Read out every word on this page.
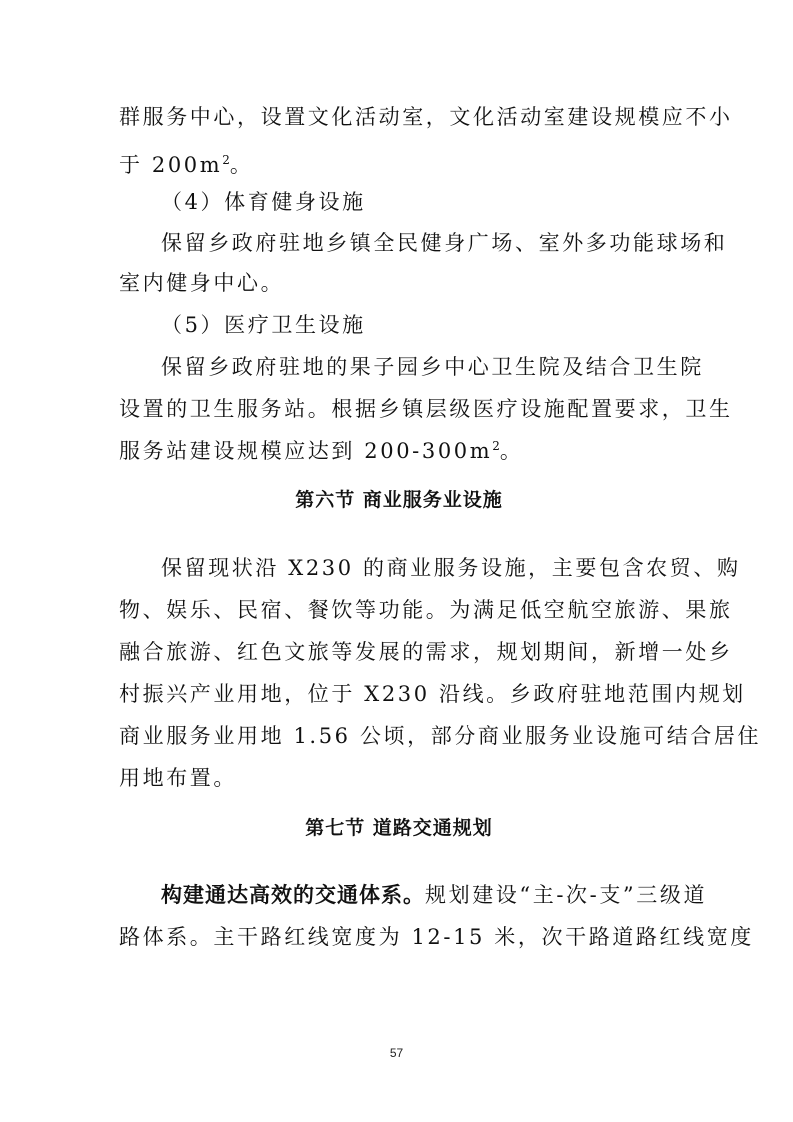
群服务中心，设置文化活动室，文化活动室建设规模应不小
于 $200m^2$。
（4）体育健身设施
保留乡政府驻地乡镇全民健身广场、室外多功能球场和
室内健身中心。
（5）医疗卫生设施
保留乡政府驻地的果子园乡中心卫生院及结合卫生院
设置的卫生服务站。根据乡镇层级医疗设施配置要求，卫生
服务站建设规模应达到 $200-300m^2$。
第六节 商业服务业设施
保留现状沿 X230 的商业服务设施，主要包含农贸、购
物、娱乐、民宿、餐饮等功能。为满足低空航空旅游、果旅
融合旅游、红色文旅等发展的需求，规划期间，新增一处乡
村振兴产业用地，位于 X230 沿线。乡政府驻地范围内规划
商业服务业用地 1.56 公顷，部分商业服务业设施可结合居住
用地布置。
第七节 道路交通规划
构建通达高效的交通体系。规划建设“主-次-支”三级道
路体系。主干路红线宽度为 12-15 米，次干路道路红线宽度
57
